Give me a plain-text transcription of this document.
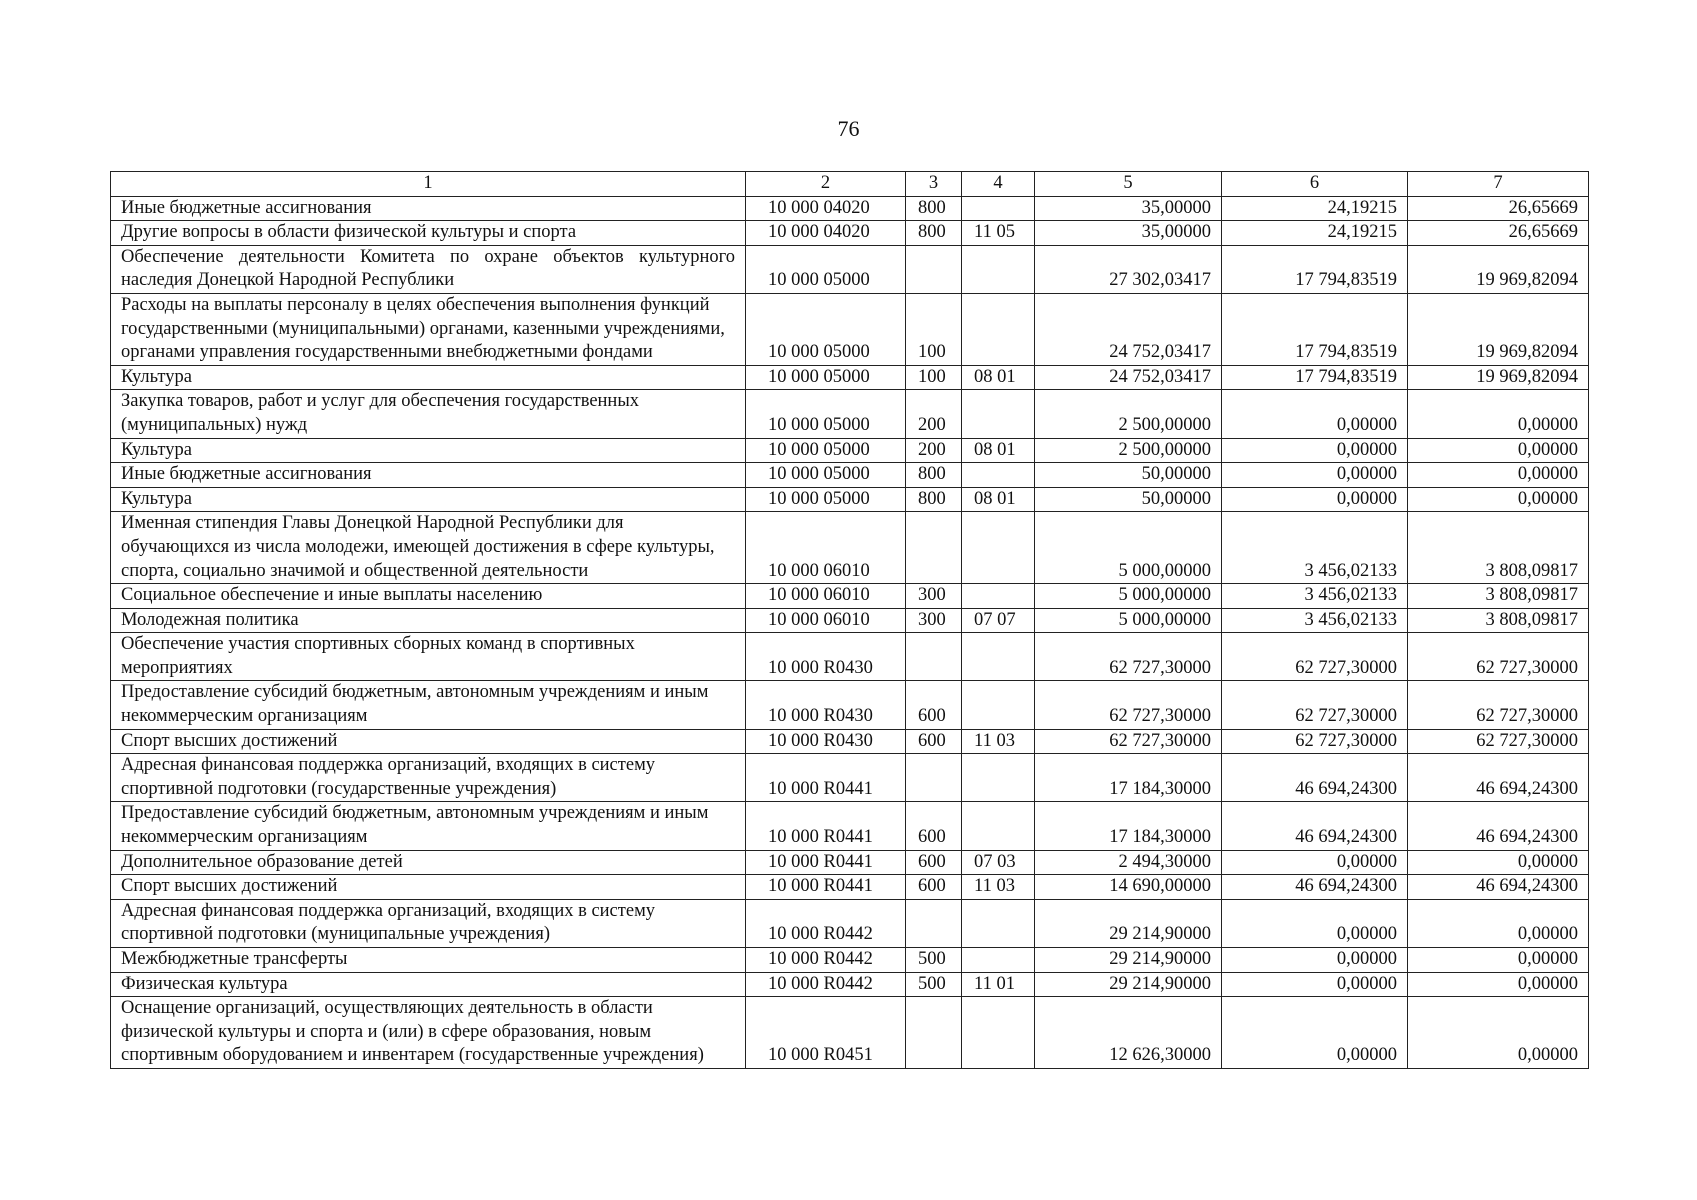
76
1	2	3	4	5	6	7
Иные бюджетные ассигнования	10 000 04020	800		35,00000	24,19215	26,65669
Другие вопросы в области физической культуры и спорта	10 000 04020	800	11 05	35,00000	24,19215	26,65669
Обеспечение деятельности Комитета по охране объектов культурного наследия Донецкой Народной Республики	10 000 05000			27 302,03417	17 794,83519	19 969,82094
Расходы на выплаты персоналу в целях обеспечения выполнения функций государственными (муниципальными) органами, казенными учреждениями, органами управления государственными внебюджетными фондами	10 000 05000	100		24 752,03417	17 794,83519	19 969,82094
Культура	10 000 05000	100	08 01	24 752,03417	17 794,83519	19 969,82094
Закупка товаров, работ и услуг для обеспечения государственных (муниципальных) нужд	10 000 05000	200		2 500,00000	0,00000	0,00000
Культура	10 000 05000	200	08 01	2 500,00000	0,00000	0,00000
Иные бюджетные ассигнования	10 000 05000	800		50,00000	0,00000	0,00000
Культура	10 000 05000	800	08 01	50,00000	0,00000	0,00000
Именная стипендия Главы Донецкой Народной Республики для обучающихся из числа молодежи, имеющей достижения в сфере культуры, спорта, социально значимой и общественной деятельности	10 000 06010			5 000,00000	3 456,02133	3 808,09817
Социальное обеспечение и иные выплаты населению	10 000 06010	300		5 000,00000	3 456,02133	3 808,09817
Молодежная политика	10 000 06010	300	07 07	5 000,00000	3 456,02133	3 808,09817
Обеспечение участия спортивных сборных команд в спортивных мероприятиях	10 000 R0430			62 727,30000	62 727,30000	62 727,30000
Предоставление субсидий бюджетным, автономным учреждениям и иным некоммерческим организациям	10 000 R0430	600		62 727,30000	62 727,30000	62 727,30000
Спорт высших достижений	10 000 R0430	600	11 03	62 727,30000	62 727,30000	62 727,30000
Адресная финансовая поддержка организаций, входящих в систему спортивной подготовки (государственные учреждения)	10 000 R0441			17 184,30000	46 694,24300	46 694,24300
Предоставление субсидий бюджетным, автономным учреждениям и иным некоммерческим организациям	10 000 R0441	600		17 184,30000	46 694,24300	46 694,24300
Дополнительное образование детей	10 000 R0441	600	07 03	2 494,30000	0,00000	0,00000
Спорт высших достижений	10 000 R0441	600	11 03	14 690,00000	46 694,24300	46 694,24300
Адресная финансовая поддержка организаций, входящих в систему спортивной подготовки (муниципальные учреждения)	10 000 R0442			29 214,90000	0,00000	0,00000
Межбюджетные трансферты	10 000 R0442	500		29 214,90000	0,00000	0,00000
Физическая культура	10 000 R0442	500	11 01	29 214,90000	0,00000	0,00000
Оснащение организаций, осуществляющих деятельность в области физической культуры и спорта и (или) в сфере образования, новым спортивным оборудованием и инвентарем (государственные учреждения)	10 000 R0451			12 626,30000	0,00000	0,00000
